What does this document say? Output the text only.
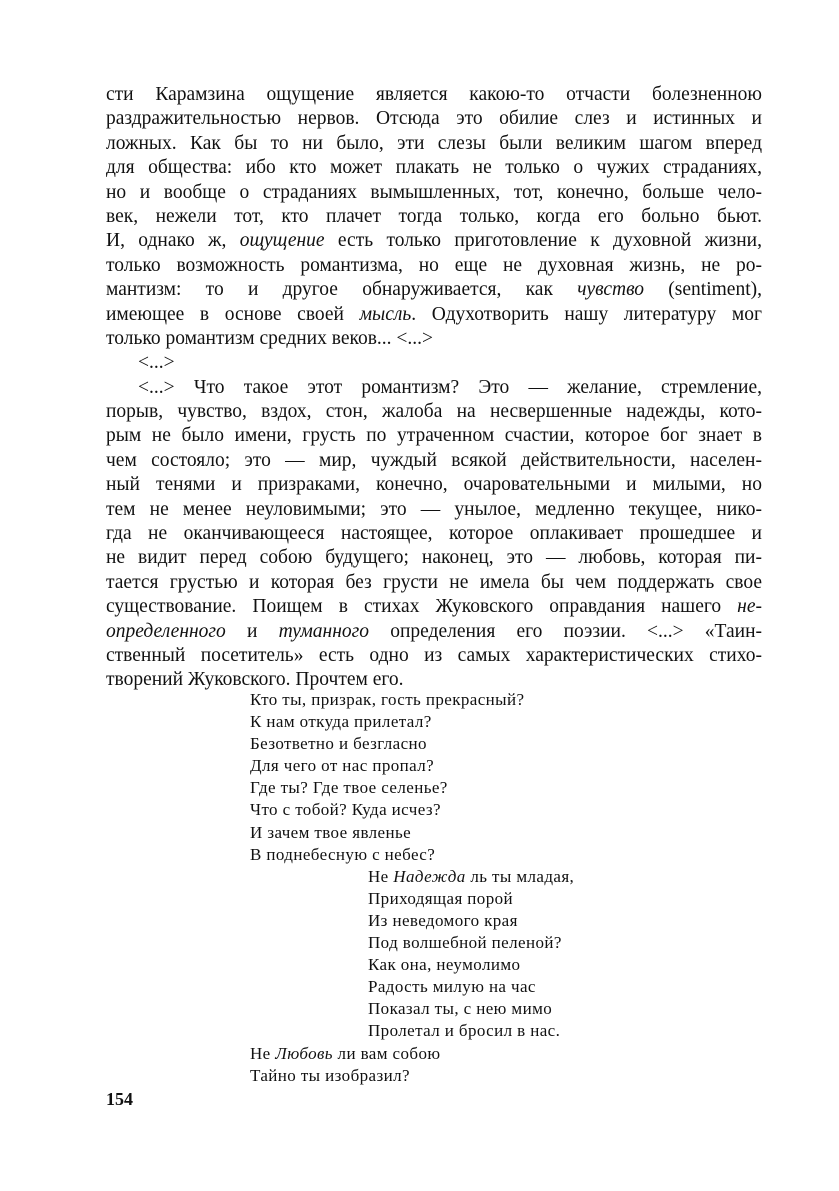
сти Карамзина ощущение является какою-то отчасти болезненною
раздражительностью нервов. Отсюда это обилие слез и истинных и
ложных. Как бы то ни было, эти слезы были великим шагом вперед
для общества: ибо кто может плакать не только о чужих страданиях,
но и вообще о страданиях вымышленных, тот, конечно, больше чело-
век, нежели тот, кто плачет тогда только, когда его больно бьют.
И, однако ж, ощущение есть только приготовление к духовной жизни,
только возможность романтизма, но еще не духовная жизнь, не ро-
мантизм: то и другое обнаруживается, как чувство (sentiment),
имеющее в основе своей мысль. Одухотворить нашу литературу мог
только романтизм средних веков... <...>
<...>
<...> Что такое этот романтизм? Это — желание, стремление,
порыв, чувство, вздох, стон, жалоба на несвершенные надежды, кото-
рым не было имени, грусть по утраченном счастии, которое бог знает в
чем состояло; это — мир, чуждый всякой действительности, населен-
ный тенями и призраками, конечно, очаровательными и милыми, но
тем не менее неуловимыми; это — унылое, медленно текущее, нико-
гда не оканчивающееся настоящее, которое оплакивает прошедшее и
не видит перед собою будущего; наконец, это — любовь, которая пи-
тается грустью и которая без грусти не имела бы чем поддержать свое
существование. Поищем в стихах Жуковского оправдания нашего не-
определенного и туманного определения его поэзии. <...> «Таин-
ственный посетитель» есть одно из самых характеристических стихо-
творений Жуковского. Прочтем его.
Кто ты, призрак, гость прекрасный?
К нам откуда прилетал?
Безответно и безгласно
Для чего от нас пропал?
Где ты? Где твое селенье?
Что с тобой? Куда исчез?
И зачем твое явленье
В поднебесную с небес?
Не Надежда ль ты младая,
Приходящая порой
Из неведомого края
Под волшебной пеленой?
Как она, неумолимо
Радость милую на час
Показал ты, с нею мимо
Пролетал и бросил в нас.
Не Любовь ли вам собою
Тайно ты изобразил?
154
